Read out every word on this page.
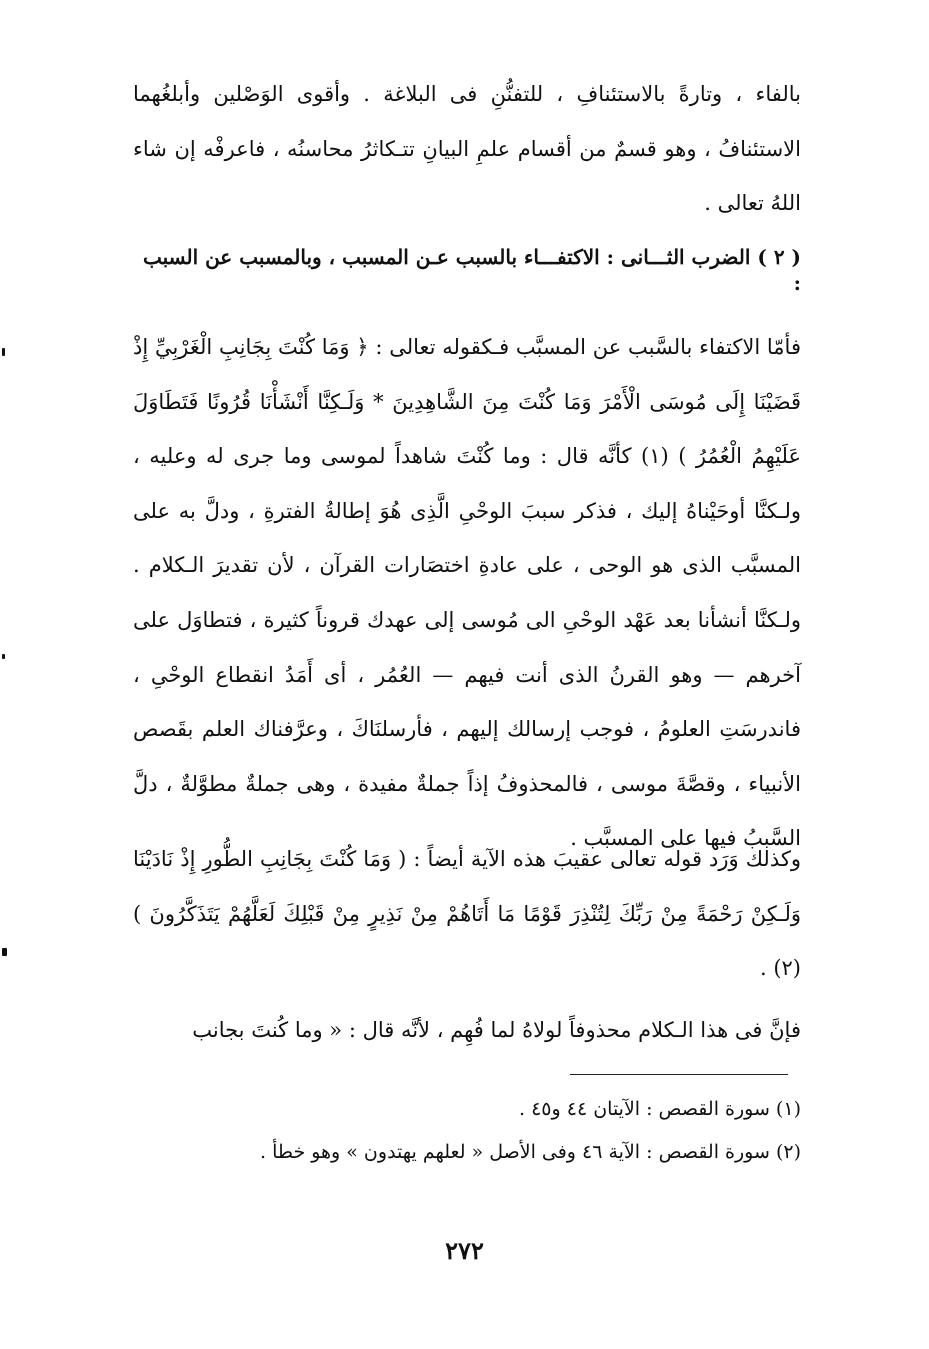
بالفاء ، وتارةً بالاستئنافِ ، للتفنُّنِ فى البلاغة . وأقوى الوَصْلين وأبلغُهما الاستئنافُ ، وهو قسمٌ من أقسام علمِ البيانِ تتـكاثرُ محاسنُه ، فاعرفْه إن شاء اللهُ تعالى .

( ٢ ) الضرب الثـــانى : الاكتفـــاء بالسبب عـن المسبب ، وبالمسبب عن السبب :

فأمّا الاكتفاء بالسَّبب عن المسبَّب فـكقوله تعالى : ﴿ وَمَا كُنْتَ بِجَانِبِ الْغَرْبِيِّ إِذْ قَضَيْنَا إِلَى مُوسَى الْأَمْرَ وَمَا كُنْتَ مِنَ الشَّاهِدِينَ * وَلَـكِنَّا أَنْشَأْنَا قُرُونًا فَتَطَاوَلَ عَلَيْهِمُ الْعُمُرُ ) (١) كأنَّه قال : وما كُنْتَ شاهداً لموسى وما جرى له وعليه ، ولـكنَّا أوحَيْناهُ إليك ، فذكر سببَ الوحْىِ الَّذِى هُوَ إطالةُ الفترةِ ، ودلَّ به على المسبَّب الذى هو الوحى ، على عادةِ اختصَارات القرآن ، لأن تقديرَ الـكلام . ولـكنَّا أنشأنا بعد عَهْد الوحْىِ الى مُوسى إلى عهدك قروناً كثيرة ، فتطاوَل على آخرهم — وهو القرنُ الذى أنت فيهم — العُمُر ، أى أَمَدُ انقطاع الوحْىِ ، فاندرسَتِ العلومُ ، فوجب إرسالك إليهم ، فأرسلنَاكَ ، وعرَّفناك العلم بقَصص الأنبياء ، وقصَّةَ موسى ، فالمحذوفُ إذاً جملةٌ مفيدة ، وهى جملةٌ مطوَّلةٌ ، دلَّ السَّببُ فيها على المسبَّب .

وكذلك وَرَد قوله تعالى عقيبَ هذه الآية أيضاً : ( وَمَا كُنْتَ بِجَانِبِ الطُّورِ إِذْ نَادَيْنَا وَلَـكِنْ رَحْمَةً مِنْ رَبِّكَ لِتُنْذِرَ قَوْمًا مَا أَتَاهُمْ مِنْ نَذِيرٍ مِنْ قَبْلِكَ لَعَلَّهُمْ يَتَذَكَّرُونَ ) (٢) .

فإنَّ فى هذا الـكلام محذوفاً لولاهُ لما فُهِم ، لأنَّه قال : « وما كُنتَ بجانب

(١) سورة القصص : الآيتان ٤٤ و٤٥ .

(٢) سورة القصص : الآية ٤٦ وفى الأصل « لعلهم يهتدون » وهو خطأ .

٢٧٢
